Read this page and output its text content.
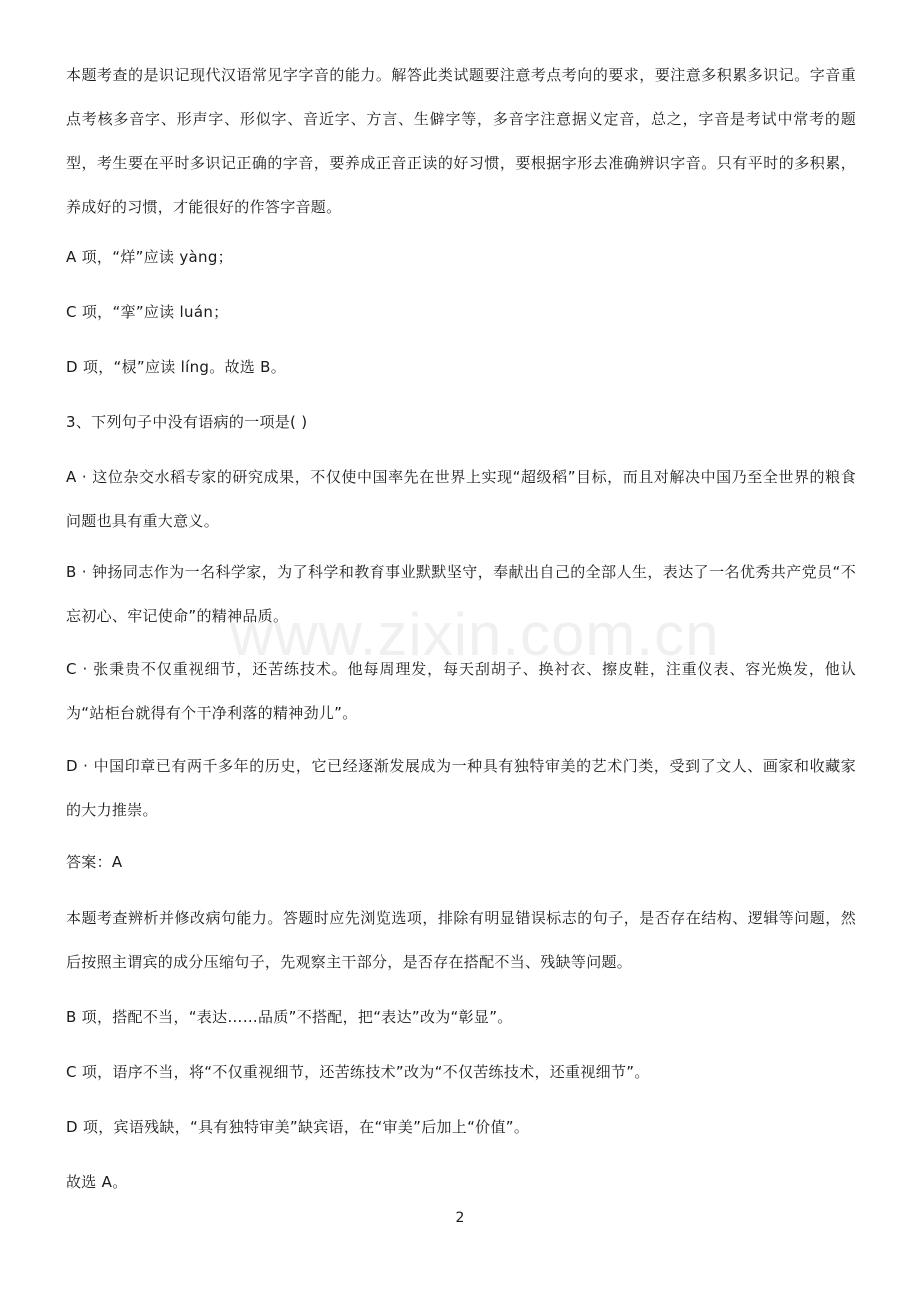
本题考查的是识记现代汉语常见字字音的能力。解答此类试题要注意考点考向的要求，要注意多积累多识记。字音重点考核多音字、形声字、形似字、音近字、方言、生僻字等，多音字注意据义定音，总之，字音是考试中常考的题型，考生要在平时多识记正确的字音，要养成正音正读的好习惯，要根据字形去准确辨识字音。只有平时的多积累，养成好的习惯，才能很好的作答字音题。

A 项，“烊”应读 yàng；

C 项，“挛”应读 luán；

D 项，“棂”应读 líng。故选 B。

3、下列句子中没有语病的一项是( )

A · 这位杂交水稻专家的研究成果，不仅使中国率先在世界上实现“超级稻”目标，而且对解决中国乃至全世界的粮食问题也具有重大意义。

B · 钟扬同志作为一名科学家，为了科学和教育事业默默坚守，奉献出自己的全部人生，表达了一名优秀共产党员“不忘初心、牢记使命”的精神品质。

C · 张秉贵不仅重视细节，还苦练技术。他每周理发，每天刮胡子、换衬衣、擦皮鞋，注重仪表、容光焕发，他认为“站柜台就得有个干净利落的精神劲儿”。

D · 中国印章已有两千多年的历史，它已经逐渐发展成为一种具有独特审美的艺术门类，受到了文人、画家和收藏家的大力推崇。

答案：A

本题考查辨析并修改病句能力。答题时应先浏览选项，排除有明显错误标志的句子，是否存在结构、逻辑等问题，然后按照主谓宾的成分压缩句子，先观察主干部分，是否存在搭配不当、残缺等问题。

B 项，搭配不当，“表达……品质”不搭配，把“表达”改为“彰显”。

C 项，语序不当，将“不仅重视细节，还苦练技术”改为“不仅苦练技术，还重视细节”。

D 项，宾语残缺，“具有独特审美”缺宾语，在“审美”后加上“价值”。

故选 A。

www.zixin.com.cn
2
